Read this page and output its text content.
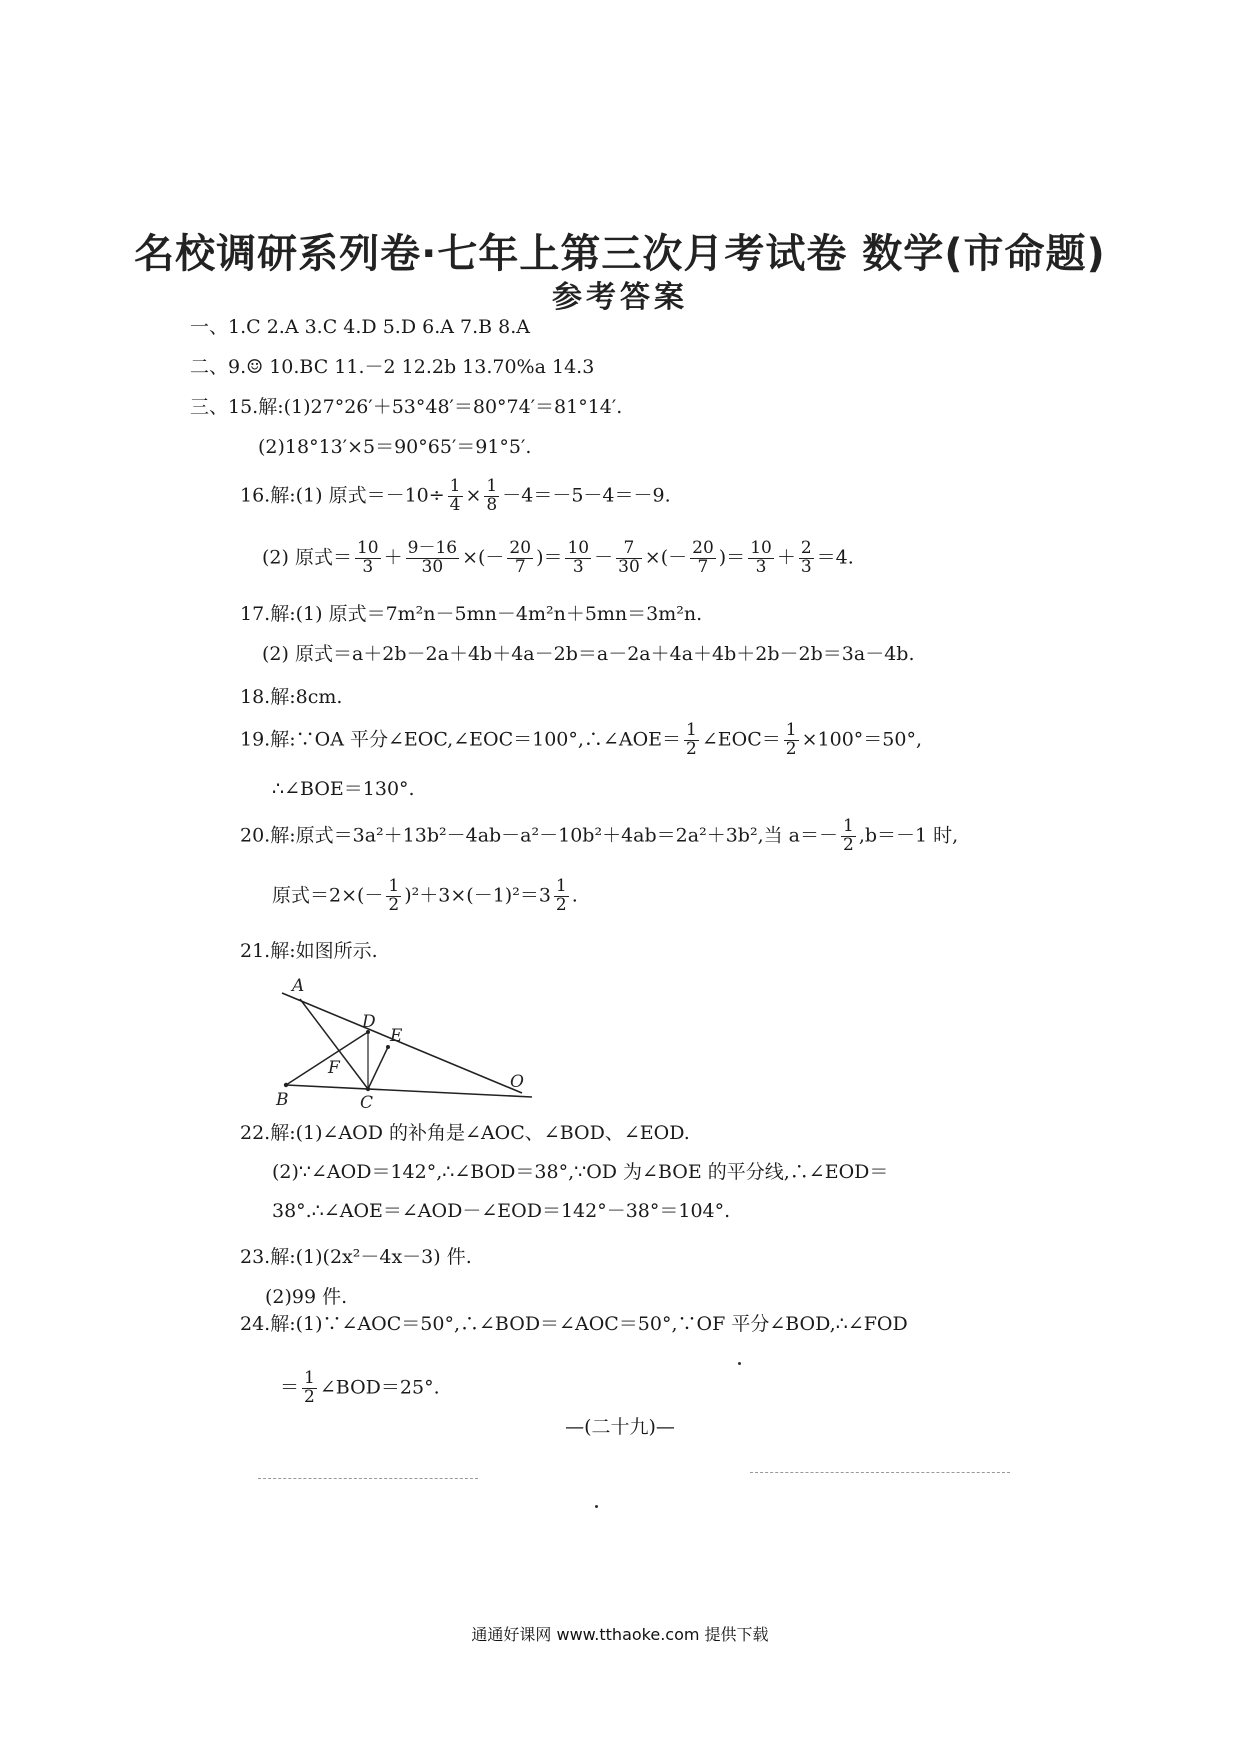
名校调研系列卷·七年上第三次月考试卷 数学(市命题)
参考答案
一、1.C 2.A 3.C 4.D 5.D 6.A 7.B 8.A
二、9.☺ 10.BC 11.－2 12.2b 13.70%a 14.3
三、15.解:(1)27°26′＋53°48′＝80°74′＝81°14′.
(2)18°13′×5＝90°65′＝91°5′.
16.解:(1) 原式$=-10\div \frac{1}{4} \times \frac{1}{8} -4=-5-4=-9$.
(2) 原式＝ $\frac{10}{3} + \frac{9-16}{30}$ ×(－ $\frac{20}{7}$ )＝ $\frac{10}{3} - \frac{7}{30}$ ×(－ $\frac{20}{7}$ )＝ $\frac{10}{3} + \frac{2}{3} =4$.
17.解:(1) 原式＝7m²n－5mn－4m²n＋5mn＝3m²n.
(2) 原式＝a＋2b－2a＋4b＋4a－2b＝a－2a＋4a＋4b＋2b－2b＝3a－4b.
18.解:8cm.
19.解:∵OA 平分∠EOC,∠EOC＝100°,∴∠AOE＝ $\frac{1}{2}$ ∠EOC＝ $\frac{1}{2} \times 100^\circ=50^\circ$,
∴∠BOE＝130°.
20.解:原式＝3a²＋13b²－4ab－a²－10b²＋4ab＝2a²＋3b²,当 $a=- \frac{1}{2} ,b=-1$ 时,
原式$=2\times(- \frac{1}{2} )^2+3\times(-1)^2=3 \frac{1}{2}$ .
21.解:如图所示.
A
B	C
D
E
F
O
22.解:(1)∠AOD 的补角是∠AOC、∠BOD、∠EOD.
(2)∵∠AOD＝142°,∴∠BOD＝38°,∵OD 为∠BOE 的平分线,∴∠EOD＝
38°.∴∠AOE＝∠AOD－∠EOD＝142°－38°＝104°.
23.解:(1)(2x²－4x－3) 件.
(2)99 件.
24.解:(1)∵∠AOC＝50°,∴∠BOD＝∠AOC＝50°,∵OF 平分∠BOD,∴∠FOD
＝ $\frac{1}{2}$ ∠BOD＝25°.
—(二十九)—
通通好课网 www.tthaoke.com 提供下载
